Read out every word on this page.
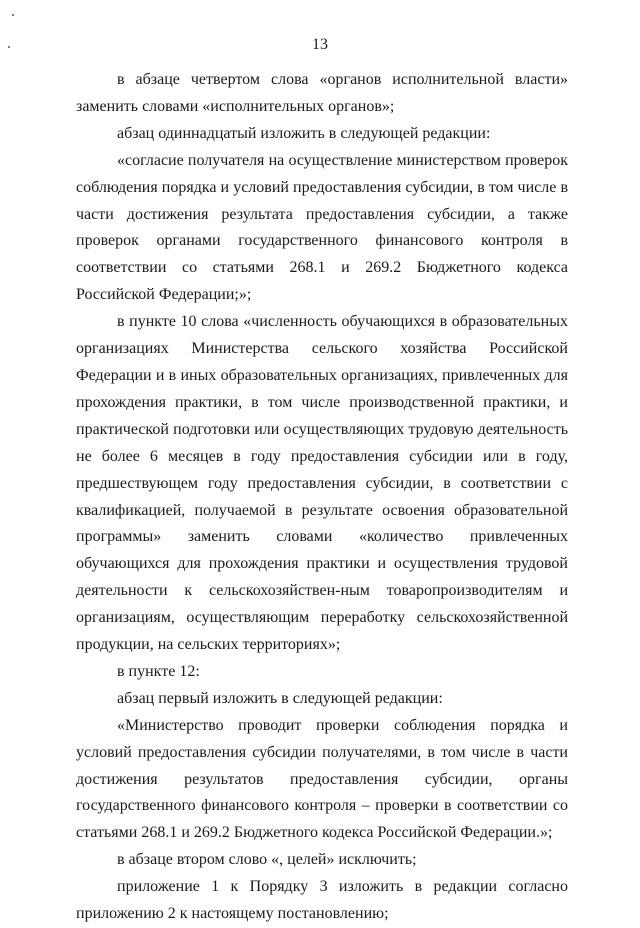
13

в абзаце четвертом слова «органов исполнительной власти» заменить словами «исполнительных органов»;

абзац одиннадцатый изложить в следующей редакции:

«согласие получателя на осуществление министерством проверок соблюдения порядка и условий предоставления субсидии, в том числе в части достижения результата предоставления субсидии, а также проверок органами государственного финансового контроля в соответствии со статьями 268.1 и 269.2 Бюджетного кодекса Российской Федерации;»;

в пункте 10 слова «численность обучающихся в образовательных организациях Министерства сельского хозяйства Российской Федерации и в иных образовательных организациях, привлеченных для прохождения практики, в том числе производственной практики, и практической подготовки или осуществляющих трудовую деятельность не более 6 месяцев в году предоставления субсидии или в году, предшествующем году предоставления субсидии, в соответствии с квалификацией, получаемой в результате освоения образовательной программы» заменить словами «количество привлеченных обучающихся для прохождения практики и осуществления трудовой деятельности к сельскохозяйствен-ным товаропроизводителям и организациям, осуществляющим переработку сельскохозяйственной продукции, на сельских территориях»;

в пункте 12:

абзац первый изложить в следующей редакции:

«Министерство проводит проверки соблюдения порядка и условий предоставления субсидии получателями, в том числе в части достижения результатов предоставления субсидии, органы государственного финансового контроля – проверки в соответствии со статьями 268.1 и 269.2 Бюджетного кодекса Российской Федерации.»;

в абзаце втором слово «, целей» исключить;

приложение 1 к Порядку 3 изложить в редакции согласно приложению 2 к настоящему постановлению;
